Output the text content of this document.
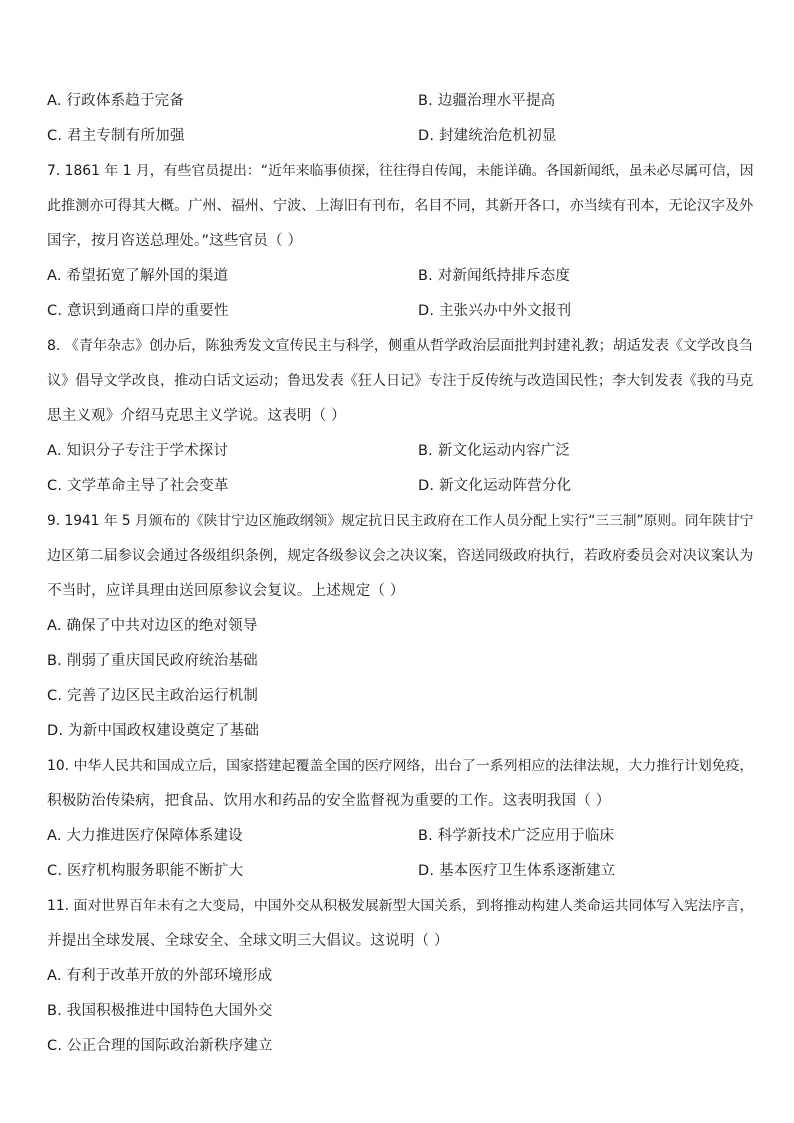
A. 行政体系趋于完备	B. 边疆治理水平提高
C. 君主专制有所加强	D. 封建统治危机初显
7. 1861 年 1 月，有些官员提出：“近年来临事侦探，往往得自传闻，未能详确。各国新闻纸，虽未必尽属可信，因
此推测亦可得其大概。广州、福州、宁波、上海旧有刊布，名目不同，其新开各口，亦当续有刊本，无论汉字及外
国字，按月咨送总理处。”这些官员（ ）
A. 希望拓宽了解外国的渠道	B. 对新闻纸持排斥态度
C. 意识到通商口岸的重要性	D. 主张兴办中外文报刊
8. 《青年杂志》创办后，陈独秀发文宣传民主与科学，侧重从哲学政治层面批判封建礼教；胡适发表《文学改良刍
议》倡导文学改良，推动白话文运动；鲁迅发表《狂人日记》专注于反传统与改造国民性；李大钊发表《我的马克
思主义观》介绍马克思主义学说。这表明（ ）
A. 知识分子专注于学术探讨	B. 新文化运动内容广泛
C. 文学革命主导了社会变革	D. 新文化运动阵营分化
9. 1941 年 5 月颁布的《陕甘宁边区施政纲领》规定抗日民主政府在工作人员分配上实行“三三制”原则。同年陕甘宁
边区第二届参议会通过各级组织条例，规定各级参议会之决议案，咨送同级政府执行，若政府委员会对决议案认为
不当时，应详具理由送回原参议会复议。上述规定（ ）
A. 确保了中共对边区的绝对领导
B. 削弱了重庆国民政府统治基础
C. 完善了边区民主政治运行机制
D. 为新中国政权建设奠定了基础
10. 中华人民共和国成立后，国家搭建起覆盖全国的医疗网络，出台了一系列相应的法律法规，大力推行计划免疫，
积极防治传染病，把食品、饮用水和药品的安全监督视为重要的工作。这表明我国（ ）
A. 大力推进医疗保障体系建设	B. 科学新技术广泛应用于临床
C. 医疗机构服务职能不断扩大	D. 基本医疗卫生体系逐渐建立
11. 面对世界百年未有之大变局，中国外交从积极发展新型大国关系，到将推动构建人类命运共同体写入宪法序言，
并提出全球发展、全球安全、全球文明三大倡议。这说明（ ）
A. 有利于改革开放的外部环境形成
B. 我国积极推进中国特色大国外交
C. 公正合理的国际政治新秩序建立
